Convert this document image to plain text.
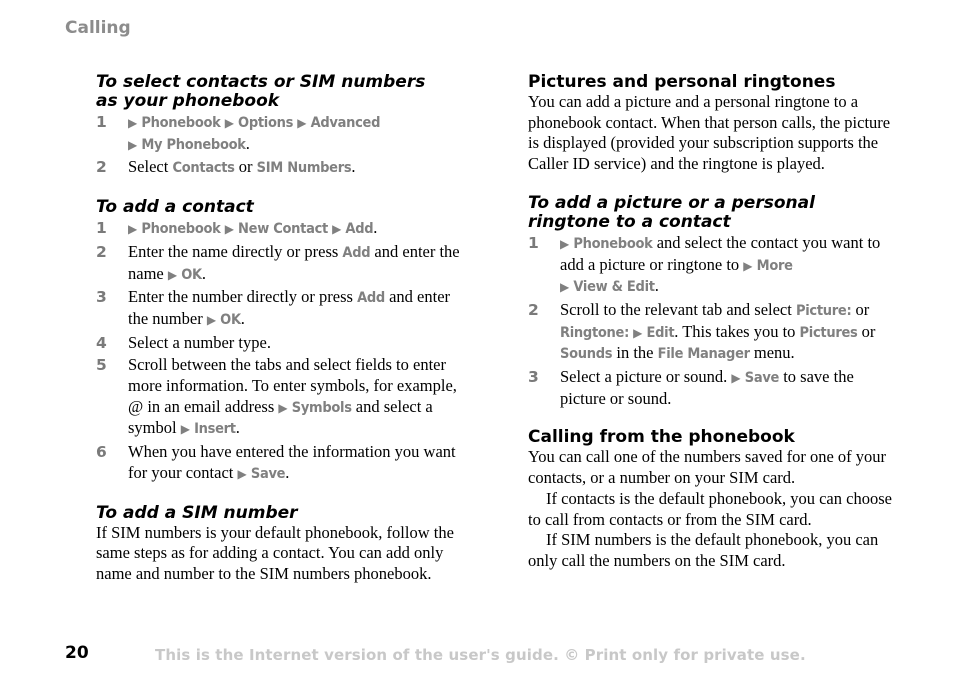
Calling
To select contacts or SIM numbers
as your phonebook
1 ▶ Phonebook ▶ Options ▶ Advanced
▶ My Phonebook.
2 Select Contacts or SIM Numbers.
To add a contact
1 ▶ Phonebook ▶ New Contact ▶ Add.
2 Enter the name directly or press Add and enter the name ▶ OK.
3 Enter the number directly or press Add and enter the number ▶ OK.
4 Select a number type.
5 Scroll between the tabs and select fields to enter more information. To enter symbols, for example, @ in an email address ▶ Symbols and select a symbol ▶ Insert.
6 When you have entered the information you want for your contact ▶ Save.
To add a SIM number

If SIM numbers is your default phonebook, follow the same steps as for adding a contact. You can add only name and number to the SIM numbers phonebook.

Pictures and personal ringtones

You can add a picture and a personal ringtone to a phonebook contact. When that person calls, the picture is displayed (provided your subscription supports the Caller ID service) and the ringtone is played.

To add a picture or a personal
ringtone to a contact
1 ▶ Phonebook and select the contact you want to add a picture or ringtone to ▶ More
▶ View & Edit.
2 Scroll to the relevant tab and select Picture: or Ringtone: ▶ Edit. This takes you to Pictures or Sounds in the File Manager menu.
3 Select a picture or sound. ▶ Save to save the picture or sound.
Calling from the phonebook

You can call one of the numbers saved for one of your contacts, or a number on your SIM card.

If contacts is the default phonebook, you can choose to call from contacts or from the SIM card.

If SIM numbers is the default phonebook, you can only call the numbers on the SIM card.

20	This is the Internet version of the user's guide. © Print only for private use.
